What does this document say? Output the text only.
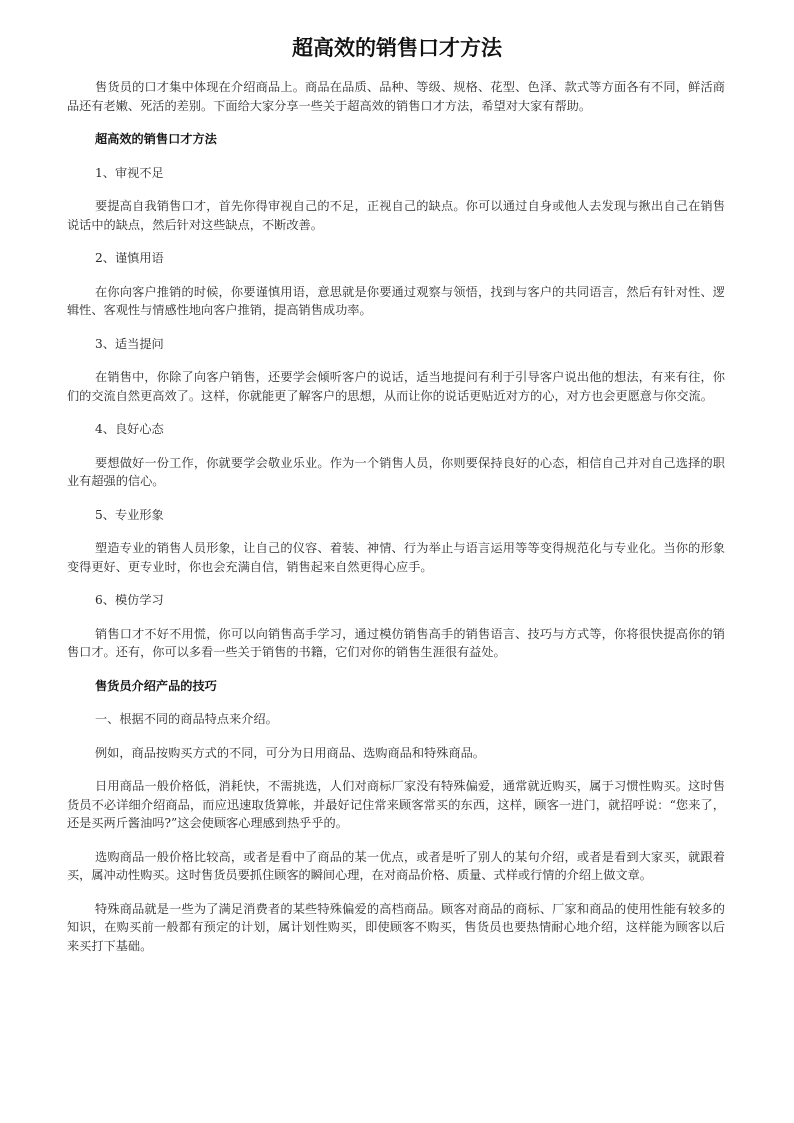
超高效的销售口才方法

售货员的口才集中体现在介绍商品上。商品在品质、品种、等级、规格、花型、色泽、款式等方面各有不同，鲜活商品还有老嫩、死活的差别。下面给大家分享一些关于超高效的销售口才方法，希望对大家有帮助。

超高效的销售口才方法

1、审视不足

要提高自我销售口才，首先你得审视自己的不足，正视自己的缺点。你可以通过自身或他人去发现与揪出自己在销售说话中的缺点，然后针对这些缺点，不断改善。

2、谨慎用语

在你向客户推销的时候，你要谨慎用语，意思就是你要通过观察与领悟，找到与客户的共同语言，然后有针对性、逻辑性、客观性与情感性地向客户推销，提高销售成功率。

3、适当提问

在销售中，你除了向客户销售，还要学会倾听客户的说话，适当地提问有利于引导客户说出他的想法，有来有往，你们的交流自然更高效了。这样，你就能更了解客户的思想，从而让你的说话更贴近对方的心，对方也会更愿意与你交流。

4、良好心态

要想做好一份工作，你就要学会敬业乐业。作为一个销售人员，你则要保持良好的心态，相信自己并对自己选择的职业有超强的信心。

5、专业形象

塑造专业的销售人员形象，让自己的仪容、着装、神情、行为举止与语言运用等等变得规范化与专业化。当你的形象变得更好、更专业时，你也会充满自信，销售起来自然更得心应手。

6、模仿学习

销售口才不好不用慌，你可以向销售高手学习，通过模仿销售高手的销售语言、技巧与方式等，你将很快提高你的销售口才。还有，你可以多看一些关于销售的书籍，它们对你的销售生涯很有益处。

售货员介绍产品的技巧

一、根据不同的商品特点来介绍。

例如，商品按购买方式的不同，可分为日用商品、选购商品和特殊商品。

日用商品一般价格低，消耗快，不需挑选，人们对商标厂家没有特殊偏爱，通常就近购买，属于习惯性购买。这时售货员不必详细介绍商品，而应迅速取货算帐，并最好记住常来顾客常买的东西，这样，顾客一进门，就招呼说：“您来了，还是买两斤酱油吗?”这会使顾客心理感到热乎乎的。

选购商品一般价格比较高，或者是看中了商品的某一优点，或者是听了别人的某句介绍，或者是看到大家买，就跟着买，属冲动性购买。这时售货员要抓住顾客的瞬间心理，在对商品价格、质量、式样或行情的介绍上做文章。

特殊商品就是一些为了满足消费者的某些特殊偏爱的高档商品。顾客对商品的商标、厂家和商品的使用性能有较多的知识，在购买前一般都有预定的计划，属计划性购买，即使顾客不购买，售货员也要热情耐心地介绍，这样能为顾客以后来买打下基础。
